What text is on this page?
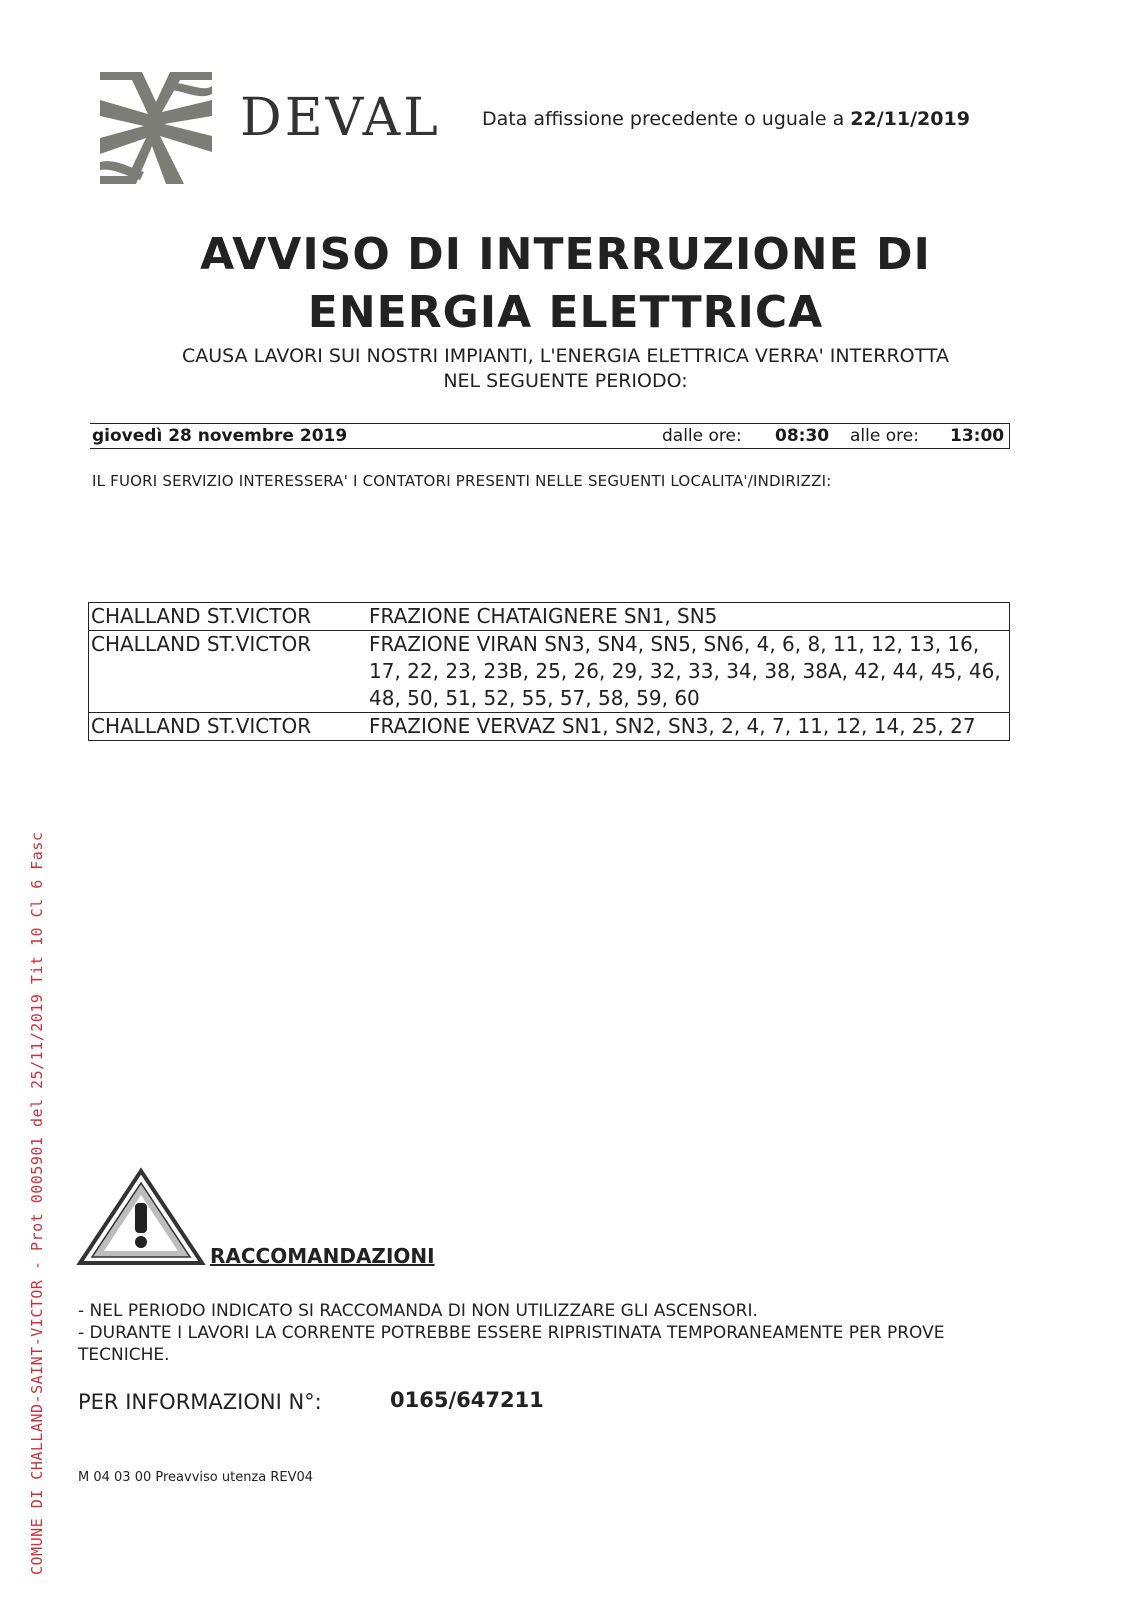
DEVAL Data affissione precedente o uguale a 22/11/2019
AVVISO DI INTERRUZIONE DI
ENERGIA ELETTRICA
CAUSA LAVORI SUI NOSTRI IMPIANTI, L'ENERGIA ELETTRICA VERRA' INTERROTTA
NEL SEGUENTE PERIODO:
giovedì 28 novembre 2019	dalle ore: 08:30 alle ore: 13:00
IL FUORI SERVIZIO INTERESSERA' I CONTATORI PRESENTI NELLE SEGUENTI LOCALITA'/INDIRIZZI:
CHALLAND ST.VICTOR	FRAZIONE CHATAIGNERE SN1, SN5
CHALLAND ST.VICTOR	FRAZIONE VIRAN SN3, SN4, SN5, SN6, 4, 6, 8, 11, 12, 13, 16, 17, 22, 23, 23B, 25, 26, 29, 32, 33, 34, 38, 38A, 42, 44, 45, 46, 48, 50, 51, 52, 55, 57, 58, 59, 60
CHALLAND ST.VICTOR	FRAZIONE VERVAZ SN1, SN2, SN3, 2, 4, 7, 11, 12, 14, 25, 27
RACCOMANDAZIONI
- NEL PERIODO INDICATO SI RACCOMANDA DI NON UTILIZZARE GLI ASCENSORI.
- DURANTE I LAVORI LA CORRENTE POTREBBE ESSERE RIPRISTINATA TEMPORANEAMENTE PER PROVE TECNICHE.
PER INFORMAZIONI N°:	0165/647211
M 04 03 00 Preavviso utenza REV04
COMUNE DI CHALLAND-SAINT-VICTOR - Prot 0005901 del 25/11/2019 Tit 10 Cl 6 Fasc
